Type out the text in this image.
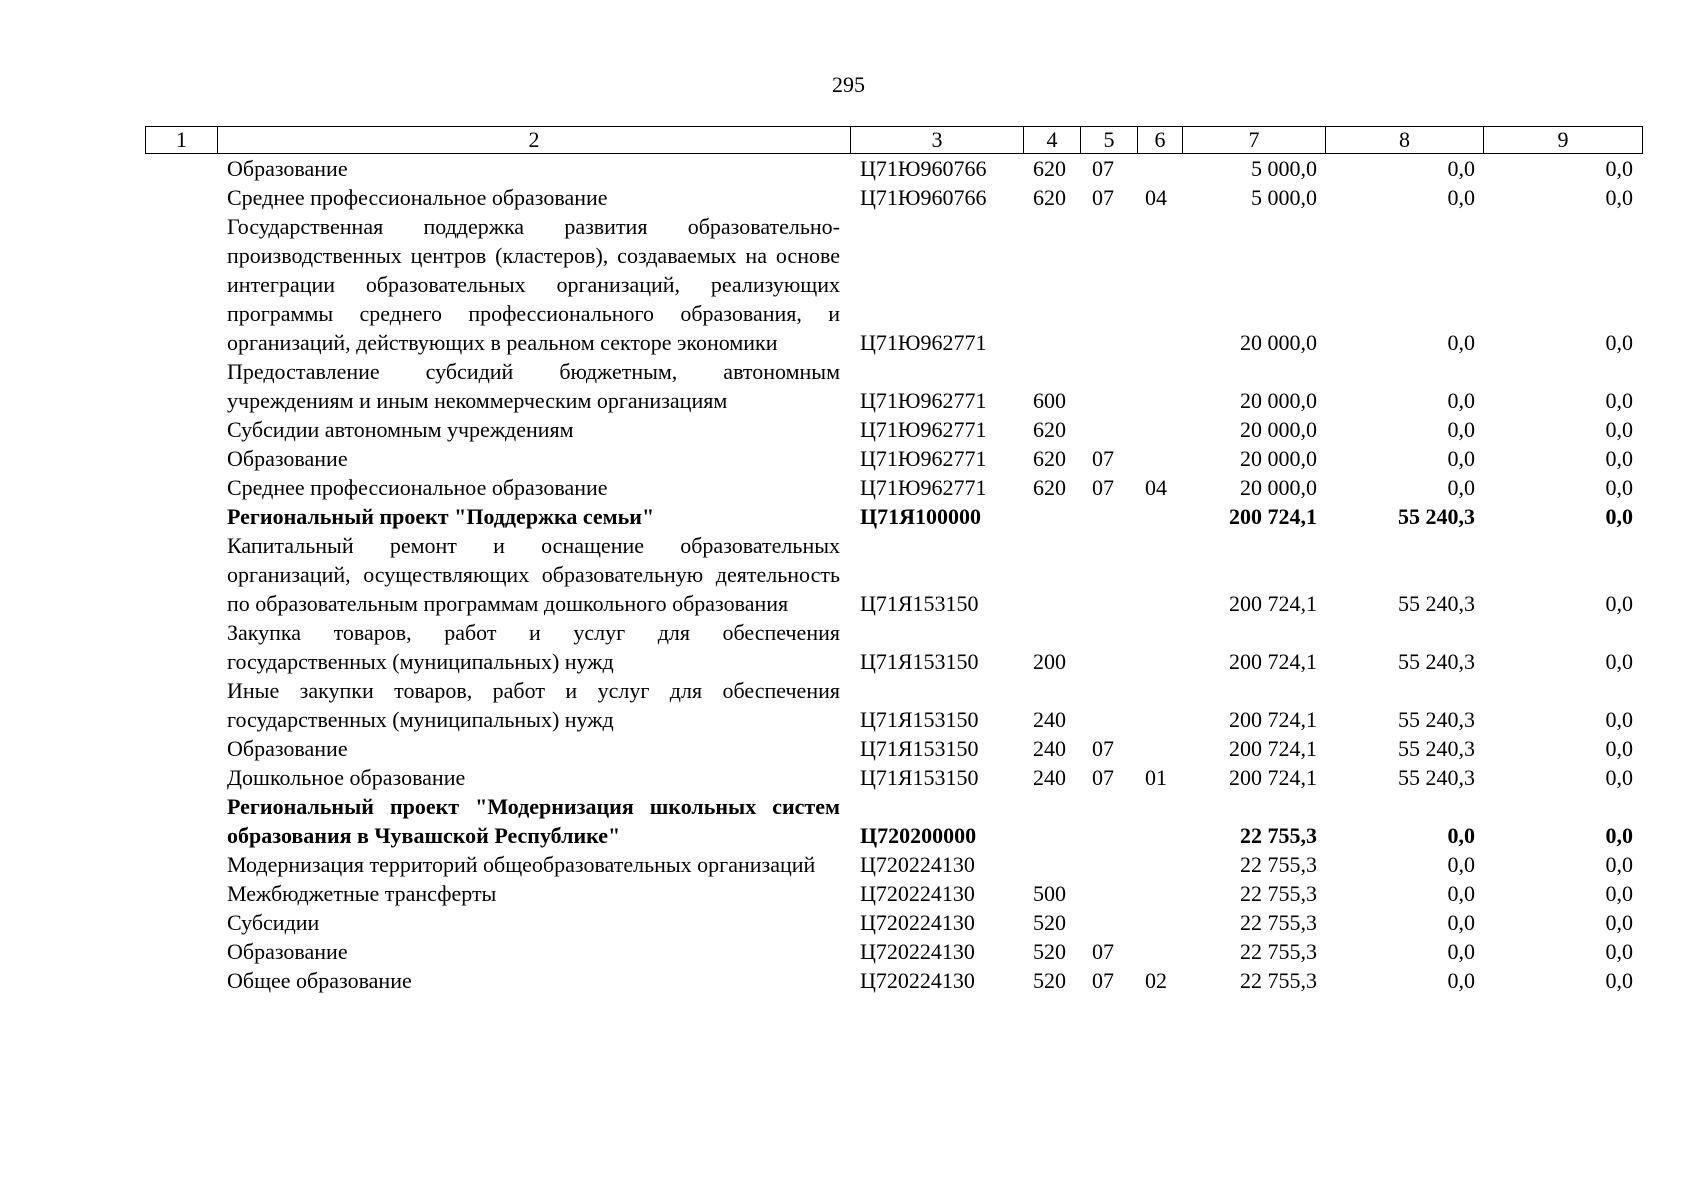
295
1	2	3	4	5	6	7	8	9
Образование	Ц71Ю960766	620	07		5 000,0	0,0	0,0
Среднее профессиональное образование	Ц71Ю960766	620	07	04	5 000,0	0,0	0,0
Государственная поддержка развития образовательно-производственных центров (кластеров), создаваемых на основе интеграции образовательных организаций, реализующих программы среднего профессионального образования, и организаций, действующих в реальном секторе экономики	Ц71Ю962771				20 000,0	0,0	0,0
Предоставление субсидий бюджетным, автономным учреждениям и иным некоммерческим организациям	Ц71Ю962771	600			20 000,0	0,0	0,0
Субсидии автономным учреждениям	Ц71Ю962771	620			20 000,0	0,0	0,0
Образование	Ц71Ю962771	620	07		20 000,0	0,0	0,0
Среднее профессиональное образование	Ц71Ю962771	620	07	04	20 000,0	0,0	0,0
Региональный проект "Поддержка семьи"	Ц71Я100000				200 724,1	55 240,3	0,0
Капитальный ремонт и оснащение образовательных организаций, осуществляющих образовательную деятельность по образовательным программам дошкольного образования	Ц71Я153150				200 724,1	55 240,3	0,0
Закупка товаров, работ и услуг для обеспечения государственных (муниципальных) нужд	Ц71Я153150	200			200 724,1	55 240,3	0,0
Иные закупки товаров, работ и услуг для обеспечения государственных (муниципальных) нужд	Ц71Я153150	240			200 724,1	55 240,3	0,0
Образование	Ц71Я153150	240	07		200 724,1	55 240,3	0,0
Дошкольное образование	Ц71Я153150	240	07	01	200 724,1	55 240,3	0,0
Региональный проект "Модернизация школьных систем образования в Чувашской Республике"	Ц720200000				22 755,3	0,0	0,0
Модернизация территорий общеобразовательных организаций	Ц720224130				22 755,3	0,0	0,0
Межбюджетные трансферты	Ц720224130	500			22 755,3	0,0	0,0
Субсидии	Ц720224130	520			22 755,3	0,0	0,0
Образование	Ц720224130	520	07		22 755,3	0,0	0,0
Общее образование	Ц720224130	520	07	02	22 755,3	0,0	0,0
